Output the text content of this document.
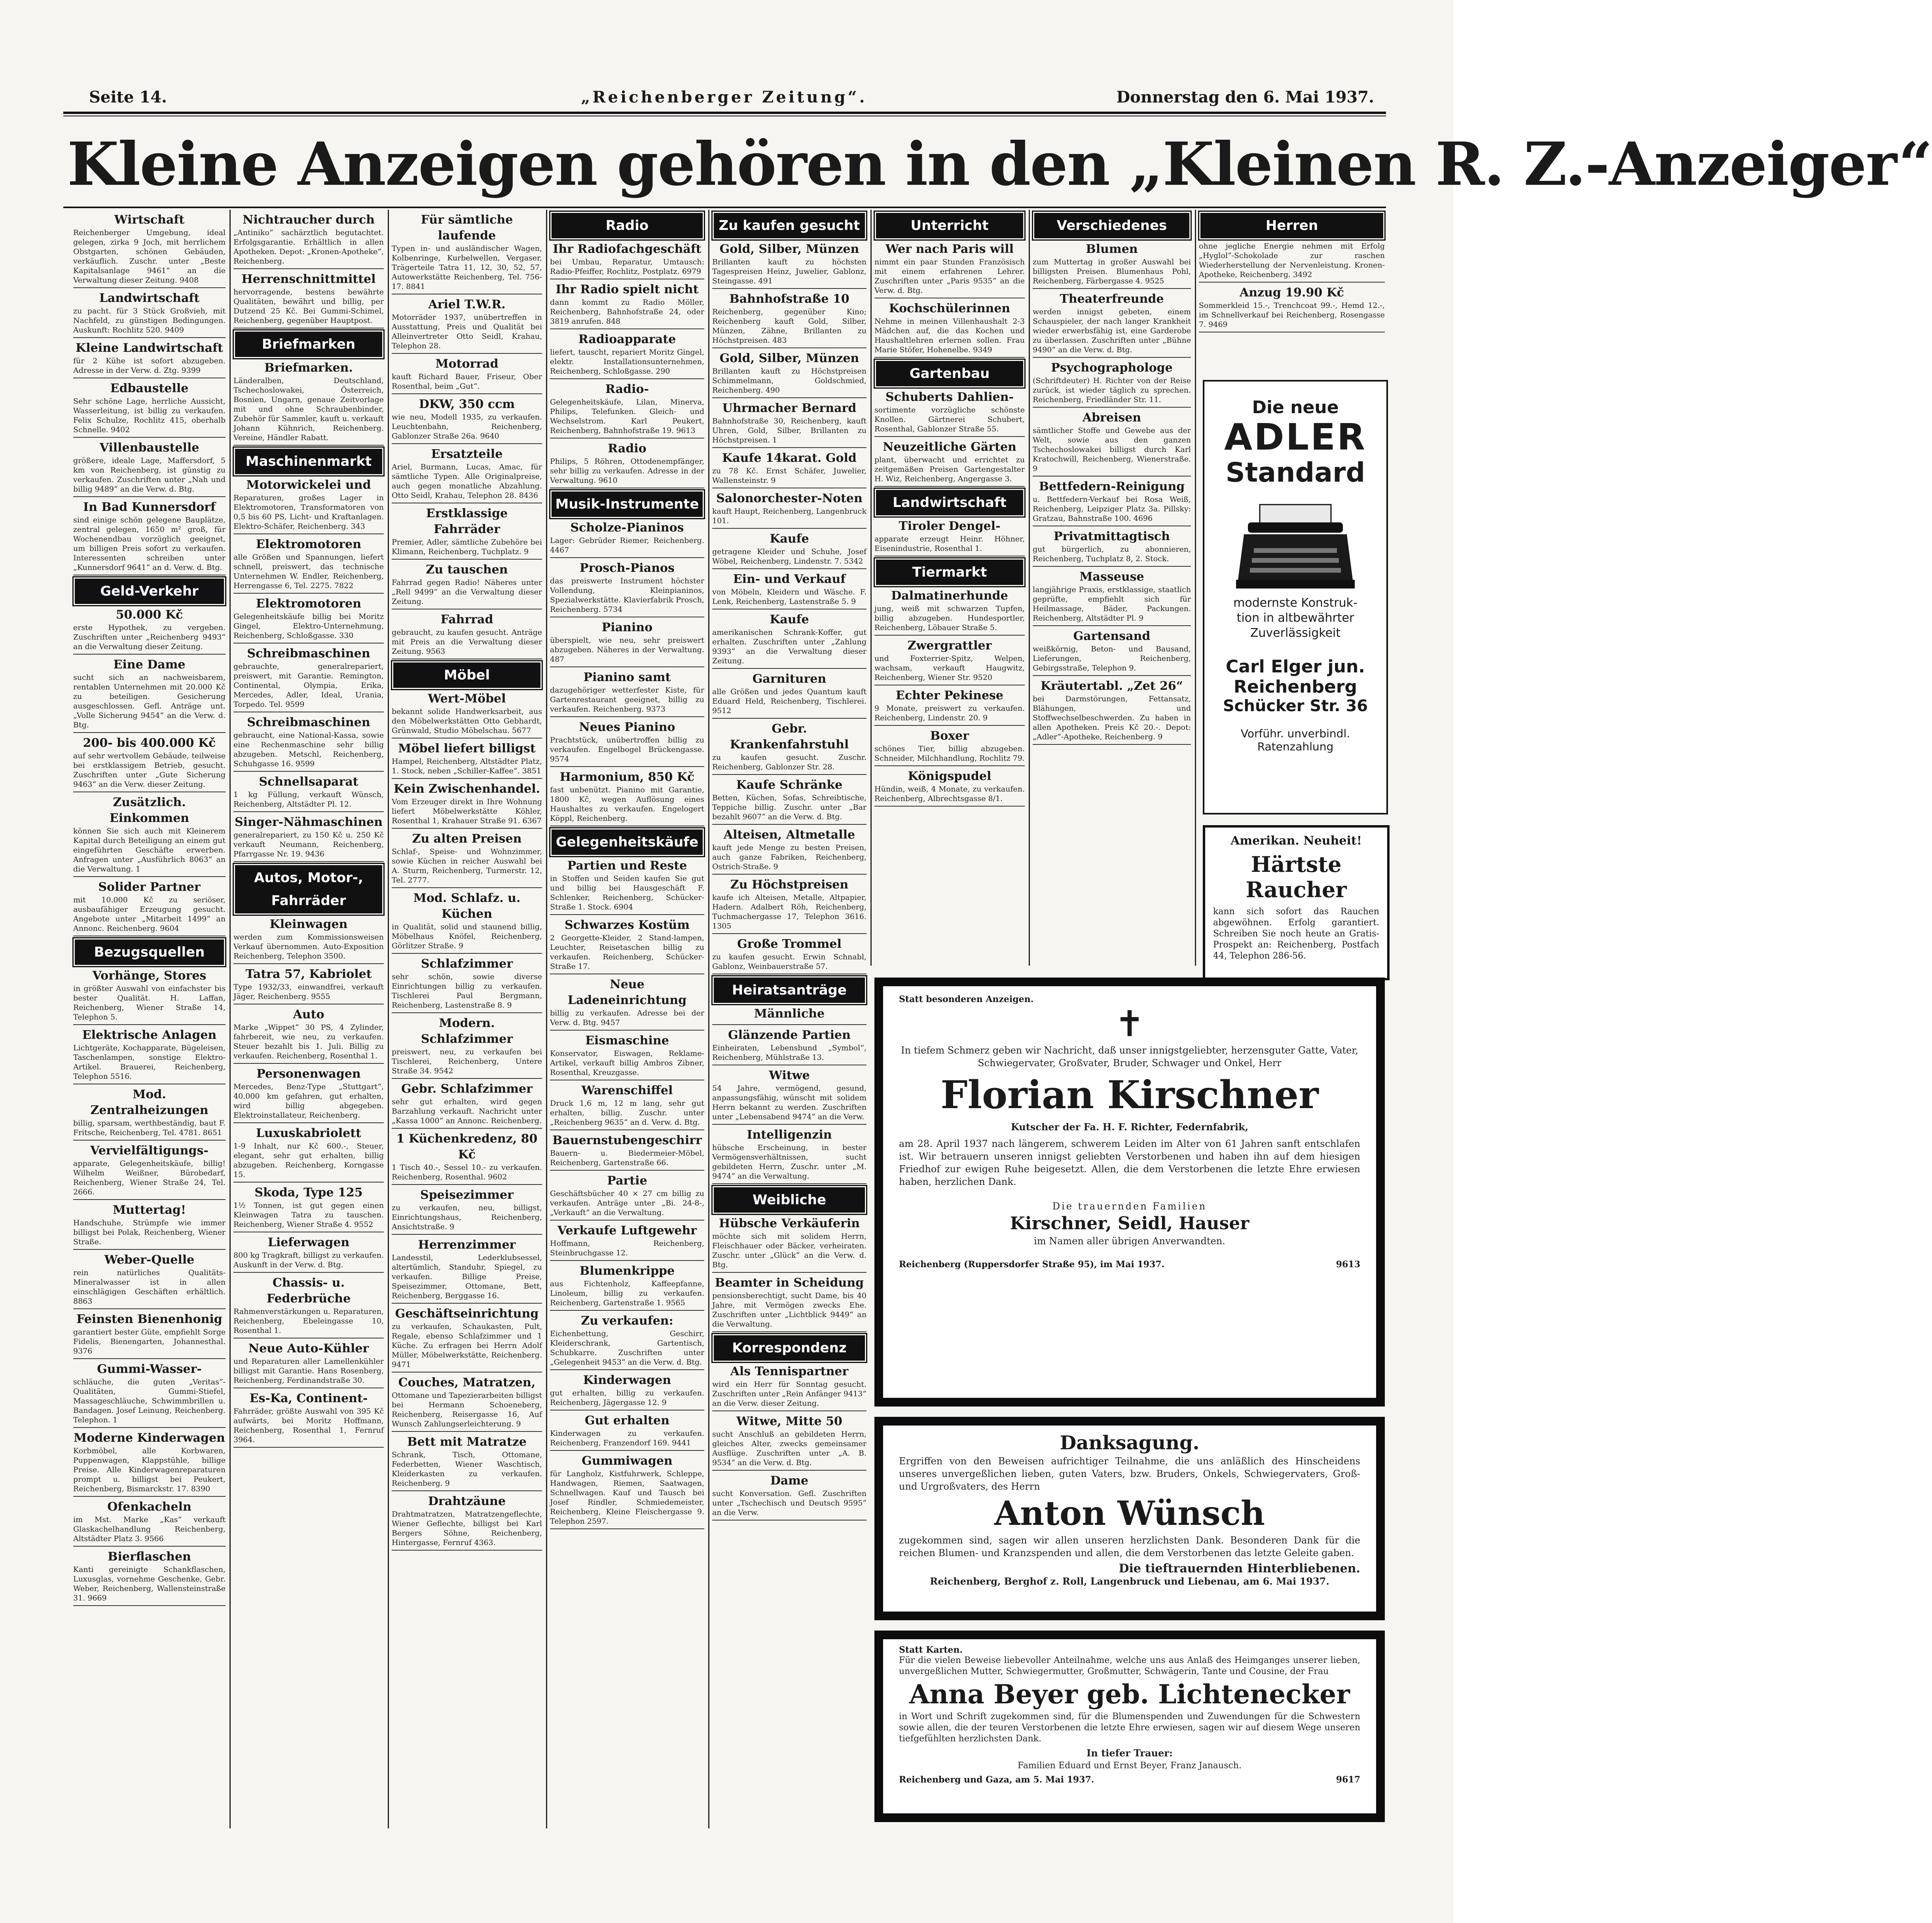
Seite 14.	„Reichenberger Zeitung“.	Donnerstag den 6. Mai 1937.
Kleine Anzeigen gehören in den „Kleinen R. Z.-Anzeiger“
Wirtschaft
Reichenberger Umgebung, ideal gelegen, zirka 9 Joch, mit herrlichem Obstgarten, schönen Gebäuden, verkäuflich. Zuschr. unter „Beste Kapitalsanlage 9461“ an die Verwaltung dieser Zeitung. 9408
Landwirtschaft
zu pacht. für 3 Stück Großvieh, mit Nachfeld, zu günstigen Bedingungen. Auskunft: Rochlitz 520. 9409
Kleine Landwirtschaft
für 2 Kühe ist sofort abzugeben. Adresse in der Verw. d. Ztg. 9399
Edbaustelle
Sehr schöne Lage, herrliche Aussicht, Wasserleitung, ist billig zu verkaufen. Felix Schulze, Rochlitz 415, oberhalb Schnelle. 9402
Villenbaustelle
größere, ideale Lage, Maffersdorf, 5 km von Reichenberg, ist günstig zu verkaufen. Zuschriften unter „Nah und billig 9489“ an die Verw. d. Btg.
In Bad Kunnersdorf
sind einige schön gelegene Bauplätze, zentral gelegen, 1650 m² groß, für Wochenendbau vorzüglich geeignet, um billigen Preis sofort zu verkaufen. Interessenten schreiben unter „Kunnersdorf 9641“ an d. Verw. d. Btg.
Geld-Verkehr
50.000 Kč
erste Hypothek, zu vergeben. Zuschriften unter „Reichenberg 9493“ an die Verwaltung dieser Zeitung.
Eine Dame
sucht sich an nachweisbarem, rentablen Unternehmen mit 20.000 Kč zu beteiligen. Gesicherung ausgeschlossen. Gefl. Anträge unt. „Volle Sicherung 9454“ an die Verw. d. Btg.
200- bis 400.000 Kč
auf sehr wertvollem Gebäude, teilweise bei erstklassigem Betrieb, gesucht. Zuschriften unter „Gute Sicherung 9463“ an die Verw. dieser Zeitung.
Zusätzlich. Einkommen
können Sie sich auch mit Kleinerem Kapital durch Beteiligung an einem gut eingeführten Geschäfte erwerben. Anfragen unter „Ausführlich 8063“ an die Verwaltung. 1
Solider Partner
mit 10.000 Kč zu seriöser, ausbaufähiger Erzeugung gesucht. Angebote unter „Mitarbeit 1499“ an Annonc. Reichenberg. 9604
Bezugsquellen
Vorhänge, Stores
in größter Auswahl von einfachster bis bester Qualität. H. Laffan, Reichenberg, Wiener Straße 14, Telephon 5.
Elektrische Anlagen
Lichtgeräte, Kochapparate, Bügeleisen, Taschenlampen, sonstige Elektro-Artikel. Brauerei, Reichenberg, Telephon 5516.
Mod. Zentralheizungen
billig, sparsam, werthbeständig, baut F. Fritsche, Reichenberg, Tel. 4781. 8651
Vervielfältigungs-
apparate, Gelegenheitskäufe, billig! Wilhelm Weißner, Bürobedarf, Reichenberg, Wiener Straße 24, Tel. 2666.
Muttertag!
Handschuhe, Strümpfe wie immer billigst bei Polak, Reichenberg, Wiener Straße.
Weber-Quelle
rein natürliches Qualitäts-Mineralwasser ist in allen einschlägigen Geschäften erhältlich. 8863
Feinsten Bienenhonig
garantiert bester Güte, empfiehlt Sorge Fidelis, Bienengarten, Johannesthal. 9376
Gummi-Wasser-
schläuche, die guten „Veritas“-Qualitäten, Gummi-Stiefel, Massageschläuche, Schwimmbrillen u. Bandagen. Josef Leinung, Reichenberg. Telephon. 1
Moderne Kinderwagen
Korbmöbel, alle Korbwaren, Puppenwagen, Klappstühle, billige Preise. Alle Kinderwagenreparaturen prompt u. billigst bei Peukert, Reichenberg, Bismarckstr. 17. 8390
Ofenkacheln
im Mst. Marke „Kas“ verkauft Glaskachelhandlung Reichenberg, Altstädter Platz 3. 9566
Bierflaschen
Kanti gereinigte Schankflaschen, Luxusglas, vornehme Geschenke, Gebr. Weber, Reichenberg, Wallensteinstraße 31. 9669
Nichtraucher durch
„Antiniko“ sachärztlich begutachtet. Erfolgsgarantie. Erhältlich in allen Apotheken. Depot: „Kronen-Apotheke“, Reichenberg.
Herrenschnittmittel
hervorragende, bestens bewährte Qualitäten, bewährt und billig, per Dutzend 25 Kč. Bei Gummi-Schimel, Reichenberg, gegenüber Hauptpost.
Briefmarken
Briefmarken.
Länderalben, Deutschland, Tschechoslowakei, Österreich, Bosnien, Ungarn, genaue Zeitvorlage mit und ohne Schraubenbinder, Zubehör für Sammler, kauft u. verkauft Johann Kühnrich, Reichenberg. Vereine, Händler Rabatt.
Maschinenmarkt
Motorwickelei und
Reparaturen, großes Lager in Elektromotoren, Transformatoren von 0,5 bis 60 PS, Licht- und Kraftanlagen. Elektro-Schäfer, Reichenberg. 343
Elektromotoren
alle Größen und Spannungen, liefert schnell, preiswert, das technische Unternehmen W. Endler, Reichenberg, Herrengasse 6, Tel. 2275. 7822
Elektromotoren
Gelegenheitskäufe billig bei Moritz Gingel, Elektro-Unternehmung, Reichenberg, Schloßgasse. 330
Schreibmaschinen
gebrauchte, generalrepariert, preiswert, mit Garantie. Remington, Continental, Olympia, Erika, Mercedes, Adler, Ideal, Urania, Torpedo. Tel. 9599
Schreibmaschinen
gebraucht, eine National-Kassa, sowie eine Rechenmaschine sehr billig abzugeben. Metschl, Reichenberg, Schuhgasse 16. 9599
Schnellsaparat
1 kg Füllung, verkauft Wünsch, Reichenberg, Altstädter Pl. 12.
Singer-Nähmaschinen
generalrepariert, zu 150 Kč u. 250 Kč verkauft Neumann, Reichenberg, Pfarrgasse Nr. 19. 9436
Autos, Motor-, Fahrräder
Kleinwagen
werden zum Kommissionsweisen Verkauf übernommen. Auto-Exposition Reichenberg, Telephon 3500.
Tatra 57, Kabriolet
Type 1932/33, einwandfrei, verkauft Jäger, Reichenberg. 9555
Auto
Marke „Wippet“ 30 PS, 4 Zylinder, fahrbereit, wie neu, zu verkaufen. Steuer bezahlt bis 1. Juli. Billig zu verkaufen. Reichenberg, Rosenthal 1.
Personenwagen
Mercedes, Benz-Type „Stuttgart“, 40.000 km gefahren, gut erhalten, wird billig abgegeben. Elektroinstallateur, Reichenberg.
Luxuskabriolett
1-9 Inhalt, nur Kč 600.-, Steuer, elegant, sehr gut erhalten, billig abzugeben. Reichenberg, Korngasse 15.
Skoda, Type 125
1½ Tonnen, ist gut gegen einen Kleinwagen Tatra zu tauschen. Reichenberg, Wiener Straße 4. 9552
Lieferwagen
800 kg Tragkraft, billigst zu verkaufen. Auskunft in der Verw. d. Btg.
Chassis- u. Federbrüche
Rahmenverstärkungen u. Reparaturen, Reichenberg, Ebeleingasse 10, Rosenthal 1.
Neue Auto-Kühler
und Reparaturen aller Lamellenkühler billigst mit Garantie. Hans Rosenberg, Reichenberg, Ferdinandstraße 30.
Es-Ka, Continent-
Fahrräder, größte Auswahl von 395 Kč aufwärts, bei Moritz Hoffmann, Reichenberg, Rosenthal 1, Fernruf 3964.
Für sämtliche laufende
Typen in- und ausländischer Wagen, Kolbenringe, Kurbelwellen, Vergaser, Trägerteile Tatra 11, 12, 30, 52, 57, Autowerkstätte Reichenberg, Tel. 756-17. 8841
Ariel T.W.R.
Motorräder 1937, unübertreffen in Ausstattung, Preis und Qualität bei Alleinvertreter Otto Seidl, Krahau, Telephon 28.
Motorrad
kauft Richard Bauer, Friseur, Ober Rosenthal, beim „Gut“.
DKW, 350 ccm
wie neu, Modell 1935, zu verkaufen. Leuchtenbahn, Reichenberg, Gablonzer Straße 26a. 9640
Ersatzteile
Ariel, Burmann, Lucas, Amac, für sämtliche Typen. Alle Originalpreise, auch gegen monatliche Abzahlung. Otto Seidl, Krahau, Telephon 28. 8436
Erstklassige Fahrräder
Premier, Adler, sämtliche Zubehöre bei Klimann, Reichenberg, Tuchplatz. 9
Zu tauschen
Fahrrad gegen Radio! Näheres unter „Rell 9499“ an die Verwaltung dieser Zeitung.
Fahrrad
gebraucht, zu kaufen gesucht. Anträge mit Preis an die Verwaltung dieser Zeitung. 9563
Möbel
Wert-Möbel
bekannt solide Handwerksarbeit, aus den Möbelwerkstätten Otto Gebhardt, Grünwald, Studio Möbelschau. 5677
Möbel liefert billigst
Hampel, Reichenberg, Altstädter Platz, 1. Stock, neben „Schiller-Kaffee“. 3851
Kein Zwischenhandel.
Vom Erzeuger direkt in Ihre Wohnung liefert Möbelwerkstätte Köhler, Rosenthal 1, Krahauer Straße 91. 6367
Zu alten Preisen
Schlaf-, Speise- und Wohnzimmer, sowie Küchen in reicher Auswahl bei A. Sturm, Reichenberg, Turmerstr. 12, Tel. 2777.
Mod. Schlafz. u. Küchen
in Qualität, solid und staunend billig, Möbelhaus Knöfel, Reichenberg, Görlitzer Straße. 9
Schlafzimmer
sehr schön, sowie diverse Einrichtungen billig zu verkaufen. Tischlerei Paul Bergmann, Reichenberg, Lastenstraße 8. 9
Modern. Schlafzimmer
preiswert, neu, zu verkaufen bei Tischlerei, Reichenberg, Untere Straße 34. 9542
Gebr. Schlafzimmer
sehr gut erhalten, wird gegen Barzahlung verkauft. Nachricht unter „Kassa 1000“ an Annonc. Reichenberg.
1 Küchenkredenz, 80 Kč
1 Tisch 40.-, Sessel 10.- zu verkaufen. Reichenberg, Rosenthal. 9602
Speisezimmer
zu verkaufen, neu, billigst, Einrichtungshaus, Reichenberg, Ansichtstraße. 9
Herrenzimmer
Landesstil, Lederklubsessel, altertümlich, Standuhr, Spiegel, zu verkaufen. Billige Preise, Speisezimmer, Ottomane, Bett, Reichenberg, Berggasse 16.
Geschäftseinrichtung
zu verkaufen, Schaukasten, Pult, Regale, ebenso Schlafzimmer und 1 Küche. Zu erfragen bei Herrn Adolf Müller, Möbelwerkstätte, Reichenberg. 9471
Couches, Matratzen,
Ottomane und Tapezierarbeiten billigst bei Hermann Schoeneberg, Reichenberg, Reisergasse 16, Auf Wunsch Zahlungserleichterung. 9
Bett mit Matratze
Schrank, Tisch, Ottomane, Federbetten, Wiener Waschtisch, Kleiderkasten zu verkaufen. Reichenberg. 9
Drahtzäune
Drahtmatratzen, Matratzengeflechte, Wiener Geflechte, billigst bei Karl Bergers Söhne, Reichenberg, Hintergasse, Fernruf 4363.
Radio
Ihr Radiofachgeschäft
bei Umbau, Reparatur, Umtausch: Radio-Pfeiffer, Rochlitz, Postplatz. 6979
Ihr Radio spielt nicht
dann kommt zu Radio Möller, Reichenberg, Bahnhofstraße 24, oder 3819 anrufen. 848
Radioapparate
liefert, tauscht, repariert Moritz Gingel, elektr. Installationsunternehmen, Reichenberg, Schloßgasse. 290
Radio-
Gelegenheitskäufe, Lilan, Minerva, Philips, Telefunken. Gleich- und Wechselstrom. Karl Peukert, Reichenberg, Bahnhofstraße 19. 9613
Radio
Philips, 5 Röhren, Ottodenempfänger, sehr billig zu verkaufen. Adresse in der Verwaltung. 9610
Musik-Instrumente
Scholze-Pianinos
Lager: Gebrüder Riemer, Reichenberg. 4467
Prosch-Pianos
das preiswerte Instrument höchster Vollendung, Kleinpianinos, Spezialwerkstätte. Klavierfabrik Prosch, Reichenberg. 5734
Pianino
überspielt, wie neu, sehr preiswert abzugeben. Näheres in der Verwaltung. 487
Pianino samt
dazugehöriger wetterfester Kiste, für Gartenrestaurant geeignet, billig zu verkaufen. Reichenberg. 9373
Neues Pianino
Prachtstück, unübertroffen billig zu verkaufen. Engelbogel Brückengasse. 9574
Harmonium, 850 Kč
fast unbenützt. Pianino mit Garantie, 1800 Kč, wegen Auflösung eines Haushaltes zu verkaufen. Engelogert Köppl, Reichenberg.
Gelegenheitskäufe
Partien und Reste
in Stoffen und Seiden kaufen Sie gut und billig bei Hausgeschäft F. Schlenker, Reichenberg, Schücker-Straße 1. Stock. 6904
Schwarzes Kostüm
2 Georgette-Kleider, 2 Stand-lampen, Leuchter, Reisetaschen billig zu verkaufen. Reichenberg, Schücker-Straße 17.
Neue Ladeneinrichtung
billig zu verkaufen. Adresse bei der Verw. d. Btg. 9457
Eismaschine
Konservator, Eiswagen, Reklame-Artikel, verkauft billig Ambros Zibner, Rosenthal, Kreuzgasse.
Warenschiffel
Druck 1,6 m, 12 m lang, sehr gut erhalten, billig. Zuschr. unter „Reichenberg 9635“ an d. Verw. d. Btg.
Bauernstubengeschirr
Bauern- u. Biedermeier-Möbel, Reichenberg, Gartenstraße 66.
Partie
Geschäftsbücher 40 × 27 cm billig zu verkaufen. Anträge unter „Bi. 24-8-, „Verkauft“ an die Verwaltung.
Verkaufe Luftgewehr
Hoffmann, Reichenberg, Steinbruchgasse 12.
Blumenkrippe
aus Fichtenholz, Kaffeepfanne, Linoleum, billig zu verkaufen. Reichenberg, Gartenstraße 1. 9565
Zu verkaufen:
Eichenbettung, Geschirr, Kleiderschrank, Gartentisch, Schubkarre. Zuschriften unter „Gelegenheit 9453“ an die Verw. d. Btg.
Kinderwagen
gut erhalten, billig zu verkaufen. Reichenberg, Jägergasse 12. 9
Gut erhalten
Kinderwagen zu verkaufen. Reichenberg, Franzendorf 169. 9441
Gummiwagen
für Langholz, Kistfuhrwerk, Schleppe, Handwagen, Riemen, Saatwagen, Schnellwagen. Kauf und Tausch bei Josef Rindler, Schmiedemeister, Reichenberg, Kleine Fleischergasse 9. Telephon 2597.
Zu kaufen gesucht
Gold, Silber, Münzen
Brillanten kauft zu höchsten Tagespreisen Heinz, Juwelier, Gablonz, Steingasse. 491
Bahnhofstraße 10
Reichenberg, gegenüber Kino; Reichenberg kauft Gold, Silber, Münzen, Zähne, Brillanten zu Höchstpreisen. 483
Gold, Silber, Münzen
Brillanten kauft zu Höchstpreisen Schimmelmann, Goldschmied, Reichenberg. 490
Uhrmacher Bernard
Bahnhofstraße 30, Reichenberg, kauft Uhren, Gold, Silber, Brillanten zu Höchstpreisen. 1
Kaufe 14karat. Gold
zu 78 Kč. Ernst Schäfer, Juwelier, Wallensteinstr. 9
Salonorchester-Noten
kauft Haupt, Reichenberg, Langenbruck 101.
Kaufe
getragene Kleider und Schuhe, Josef Wöbel, Reichenberg, Lindenstr. 7. 5342
Ein- und Verkauf
von Möbeln, Kleidern und Wäsche. F. Lenk, Reichenberg, Lastenstraße 5. 9
Kaufe
amerikanischen Schrank-Koffer, gut erhalten. Zuschriften unter „Zahlung 9393“ an die Verwaltung dieser Zeitung.
Garnituren
alle Größen und jedes Quantum kauft Eduard Held, Reichenberg, Tischlerei. 9512
Gebr. Krankenfahrstuhl
zu kaufen gesucht. Zuschr. Reichenberg, Gablonzer Str. 28.
Kaufe Schränke
Betten, Küchen, Sofas, Schreibtische, Teppiche billig. Zuschr. unter „Bar bezahlt 9607“ an die Verw. d. Btg.
Alteisen, Altmetalle
kauft jede Menge zu besten Preisen, auch ganze Fabriken, Reichenberg, Ostrich-Straße. 9
Zu Höchstpreisen
kaufe ich Alteisen, Metalle, Altpapier, Hadern. Adalbert Röh, Reichenberg, Tuchmachergasse 17, Telephon 3616. 1305
Große Trommel
zu kaufen gesucht. Erwin Schnabl, Gablonz, Weinbauerstraße 57.
Heiratsanträge
Männliche
Glänzende Partien
Einheiraten, Lebensbund „Symbol“, Reichenberg, Mühlstraße 13.
Witwe
54 Jahre, vermögend, gesund, anpassungsfähig, wünscht mit solidem Herrn bekannt zu werden. Zuschriften unter „Lebensabend 9474“ an die Verw.
Intelligenzin
hübsche Erscheinung, in bester Vermögensverhältnissen, sucht gebildeten Herrn, Zuschr. unter „M. 9474“ an die Verwaltung.
Weibliche
Hübsche Verkäuferin
möchte sich mit solidem Herrn, Fleischhauer oder Bäcker, verheiraten. Zuschr. unter „Glück“ an die Verw. d. Btg.
Beamter in Scheidung
pensionsberechtigt, sucht Dame, bis 40 Jahre, mit Vermögen zwecks Ehe. Zuschriften unter „Lichtblick 9449“ an die Verwaltung.
Korrespondenz
Als Tennispartner
wird ein Herr für Sonntag gesucht. Zuschriften unter „Rein Anfänger 9413“ an die Verw. dieser Zeitung.
Witwe, Mitte 50
sucht Anschluß an gebildeten Herrn, gleiches Alter, zwecks gemeinsamer Ausflüge. Zuschriften unter „A. B. 9534“ an die Verw. d. Btg.
Dame
sucht Konversation. Gefl. Zuschriften unter „Tschechisch und Deutsch 9595“ an die Verw.
Unterricht
Wer nach Paris will
nimmt ein paar Stunden Französisch mit einem erfahrenen Lehrer. Zuschriften unter „Paris 9535“ an die Verw. d. Btg.
Kochschülerinnen
Nehme in meinen Villenhaushalt 2-3 Mädchen auf, die das Kochen und Haushaltlehren erlernen sollen. Frau Marie Stöfer, Hohenelbe. 9349
Gartenbau
Schuberts Dahlien-
sortimente vorzügliche schönste Knollen. Gärtnerei Schubert, Rosenthal, Gablonzer Straße 55.
Neuzeitliche Gärten
plant, überwacht und errichtet zu zeitgemäßen Preisen Gartengestalter H. Wiz, Reichenberg, Angergasse 3.
Landwirtschaft
Tiroler Dengel-
apparate erzeugt Heinr. Höhner, Eisenindustrie, Rosenthal 1.
Tiermarkt
Dalmatinerhunde
jung, weiß mit schwarzen Tupfen, billig abzugeben. Hundesportler, Reichenberg, Löbauer Straße 5.
Zwergrattler
und Foxterrier-Spitz, Welpen, wachsam, verkauft Haugwitz, Reichenberg, Wiener Str. 9520
Echter Pekinese
9 Monate, preiswert zu verkaufen. Reichenberg, Lindenstr. 20. 9
Boxer
schönes Tier, billig abzugeben. Schneider, Milchhandlung, Rochlitz 79.
Königspudel
Hündin, weiß, 4 Monate, zu verkaufen. Reichenberg, Albrechtsgasse 8/1.
Verschiedenes
Blumen
zum Muttertag in großer Auswahl bei billigsten Preisen. Blumenhaus Pohl, Reichenberg, Färbergasse 4. 9525
Theaterfreunde
werden innigst gebeten, einem Schauspieler, der nach langer Krankheit wieder erwerbsfähig ist, eine Garderobe zu überlassen. Zuschriften unter „Bühne 9490“ an die Verw. d. Btg.
Psychographologe
(Schriftdeuter) H. Richter von der Reise zurück, ist wieder täglich zu sprechen. Reichenberg, Friedländer Str. 11.
Abreisen
sämtlicher Stoffe und Gewebe aus der Welt, sowie aus den ganzen Tschechoslowakei billigst durch Karl Kratochwill, Reichenberg, Wienerstraße. 9
Bettfedern-Reinigung
u. Bettfedern-Verkauf bei Rosa Weiß, Reichenberg, Leipziger Platz 3a. Pillsky: Gratzau, Bahnstraße 100. 4696
Privatmittagtisch
gut bürgerlich, zu abonnieren, Reichenberg, Tuchplatz 8, 2. Stock.
Masseuse
langjährige Praxis, erstklassige, staatlich geprüfte, empfiehlt sich für Heilmassage, Bäder, Packungen. Reichenberg, Altstädter Pl. 9
Gartensand
weißkörnig, Beton- und Bausand, Lieferungen, Reichenberg, Gebirgsstraße, Telephon 9.
Kräutertabl. „Zet 26“
bei Darmstörungen, Fettansatz, Blähungen, und Stoffwechselbeschwerden. Zu haben in allen Apotheken. Preis Kč 20.-. Depot: „Adler“-Apotheke, Reichenberg. 9
Herren
ohne jegliche Energie nehmen mit Erfolg „Hyglol“-Schokolade zur raschen Wiederherstellung der Nervenleistung. Kronen-Apotheke, Reichenberg. 3492
Anzug 19.90 Kč
Sommerkleid 15.-, Trenchcoat 99.-, Hemd 12.-, im Schnellverkauf bei Reichenberg, Rosengasse 7. 9469
Die neue
ADLER
Standard
modernste Konstruk-
tion in altbewährter
Zuverlässigkeit
Carl Elger jun.
Reichenberg
Schücker Str. 36
Vorführ. unverbindl.
Ratenzahlung
Amerikan. Neuheit!
Härtste Raucher
kann sich sofort das Rauchen abgewöhnen. Erfolg garantiert. Schreiben Sie noch heute an Gratis-Prospekt an: Reichenberg, Postfach 44, Telephon 286-56.
Statt besonderen Anzeigen.
✝
In tiefem Schmerz geben wir Nachricht, daß unser innigstgeliebter, herzensguter Gatte, Vater, Schwiegervater, Großvater, Bruder, Schwager und Onkel, Herr
Florian Kirschner
Kutscher der Fa. H. F. Richter, Federnfabrik,
am 28. April 1937 nach längerem, schwerem Leiden im Alter von 61 Jahren sanft entschlafen ist. Wir betrauern unseren innigst geliebten Verstorbenen und haben ihn auf dem hiesigen Friedhof zur ewigen Ruhe beigesetzt. Allen, die dem Verstorbenen die letzte Ehre erwiesen haben, herzlichen Dank.
Die trauernden Familien
Kirschner, Seidl, Hauser
im Namen aller übrigen Anverwandten.
Reichenberg (Ruppersdorfer Straße 95), im Mai 1937.	9613
Danksagung.
Ergriffen von den Beweisen aufrichtiger Teilnahme, die uns anläßlich des Hinscheidens unseres unvergeßlichen lieben, guten Vaters, bzw. Bruders, Onkels, Schwiegervaters, Groß- und Urgroßvaters, des Herrn
Anton Wünsch
zugekommen sind, sagen wir allen unseren herzlichsten Dank. Besonderen Dank für die reichen Blumen- und Kranzspenden und allen, die dem Verstorbenen das letzte Geleite gaben.
Die tieftrauernden Hinterbliebenen.
Reichenberg, Berghof z. Roll, Langenbruck und Liebenau, am 6. Mai 1937.
Statt Karten.
Für die vielen Beweise liebevoller Anteilnahme, welche uns aus Anlaß des Heimganges unserer lieben, unvergeßlichen Mutter, Schwiegermutter, Großmutter, Schwägerin, Tante und Cousine, der Frau
Anna Beyer geb. Lichtenecker
in Wort und Schrift zugekommen sind, für die Blumenspenden und Zuwendungen für die Schwestern sowie allen, die der teuren Verstorbenen die letzte Ehre erwiesen, sagen wir auf diesem Wege unseren tiefgefühlten herzlichsten Dank.
In tiefer Trauer:
Familien Eduard und Ernst Beyer, Franz Janausch.
Reichenberg und Gaza, am 5. Mai 1937.	9617
